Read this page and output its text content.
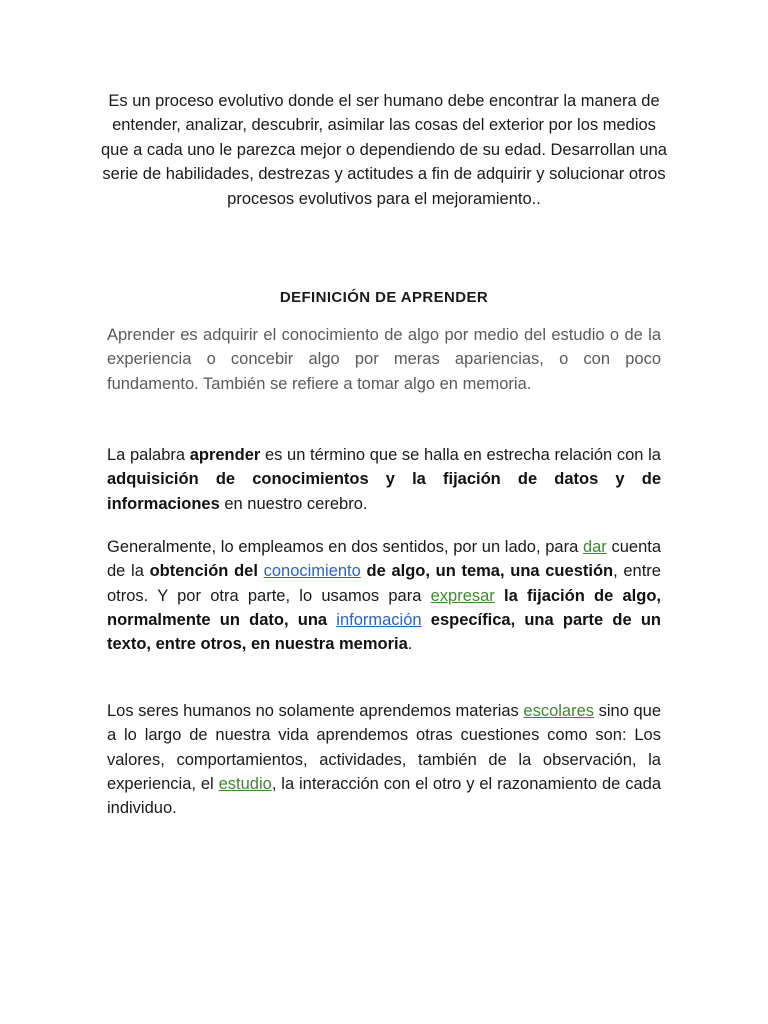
Es un proceso evolutivo donde el ser humano debe encontrar la manera de entender, analizar, descubrir, asimilar las cosas del exterior por los medios que a cada uno le parezca mejor o dependiendo de su edad. Desarrollan una serie de habilidades, destrezas y actitudes a fin de adquirir y solucionar otros procesos evolutivos para el mejoramiento..
DEFINICIÓN DE APRENDER
Aprender es adquirir el conocimiento de algo por medio del estudio o de la experiencia o concebir algo por meras apariencias, o con poco fundamento. También se refiere a tomar algo en memoria.
La palabra aprender es un término que se halla en estrecha relación con la adquisición de conocimientos y la fijación de datos y de informaciones en nuestro cerebro.
Generalmente, lo empleamos en dos sentidos, por un lado, para dar cuenta de la obtención del conocimiento de algo, un tema, una cuestión, entre otros. Y por otra parte, lo usamos para expresar la fijación de algo, normalmente un dato, una información específica, una parte de un texto, entre otros, en nuestra memoria.
Los seres humanos no solamente aprendemos materias escolares sino que a lo largo de nuestra vida aprendemos otras cuestiones como son: Los valores, comportamientos, actividades, también de la observación, la experiencia, el estudio, la interacción con el otro y el razonamiento de cada individuo.
